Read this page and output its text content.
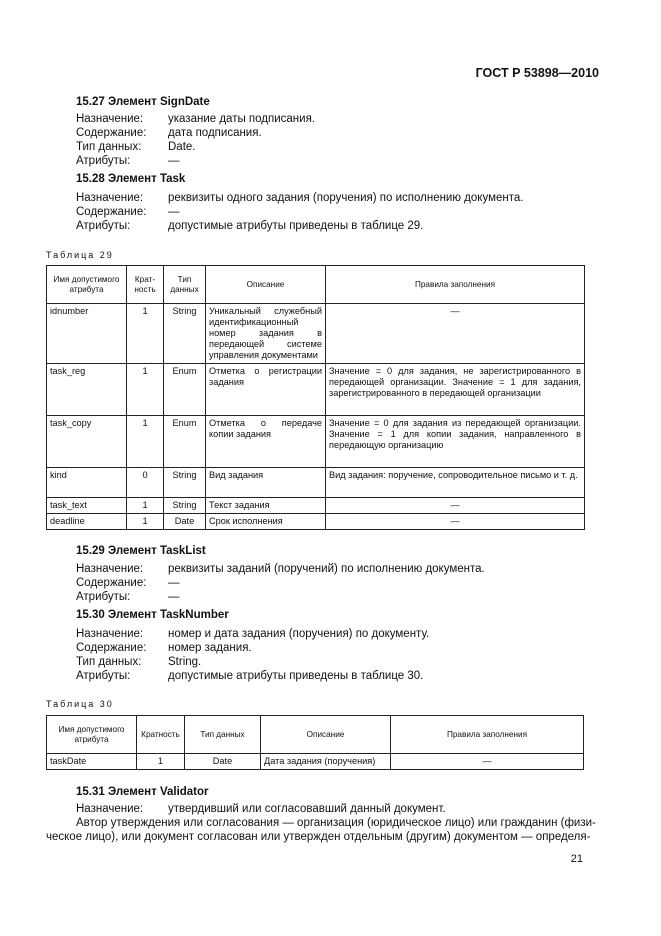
ГОСТ Р 53898—2010
15.27 Элемент SignDate
Назначение: указание даты подписания.
Содержание: дата подписания.
Тип данных: Date.
Атрибуты:	—
15.28 Элемент Task
Назначение: реквизиты одного задания (поручения) по исполнению документа.
Содержание: —
Атрибуты:	допустимые атрибуты приведены в таблице 29.
Таблица 29
Имя допустимого атрибута	Крат-ность	Тип данных	Описание	Правила заполнения
idnumber	1	String	Уникальный служебный идентификационный номер задания в передающей системе управления документами	—
task_reg	1	Enum	Отметка о регистрации задания	Значение = 0 для задания, не зарегистрированного в передающей организации. Значение = 1 для задания, зарегистрированного в передающей организации
task_copy	1	Enum	Отметка о передаче копии задания	Значение = 0 для задания из передающей организации. Значение = 1 для копии задания, направленного в передающую организацию
kind	0	String	Вид задания	Вид задания: поручение, сопроводительное письмо и т. д.
task_text	1	String	Текст задания	—
deadline	1	Date	Срок исполнения	—
15.29 Элемент TaskList
Назначение: реквизиты заданий (поручений) по исполнению документа.
Содержание: —
Атрибуты:	—
15.30 Элемент TaskNumber
Назначение: номер и дата задания (поручения) по документу.
Содержание: номер задания.
Тип данных: String.
Атрибуты:	допустимые атрибуты приведены в таблице 30.
Таблица 30
Имя допустимого атрибута	Кратность	Тип данных	Описание	Правила заполнения
taskDate	1	Date	Дата задания (поручения)	—
15.31 Элемент Validator
Назначение: утвердивший или согласовавший данный документ.
Автор утверждения или согласования — организация (юридическое лицо) или гражданин (физи-
ческое лицо), или документ согласован или утвержден отдельным (другим) документом — определя-
21
